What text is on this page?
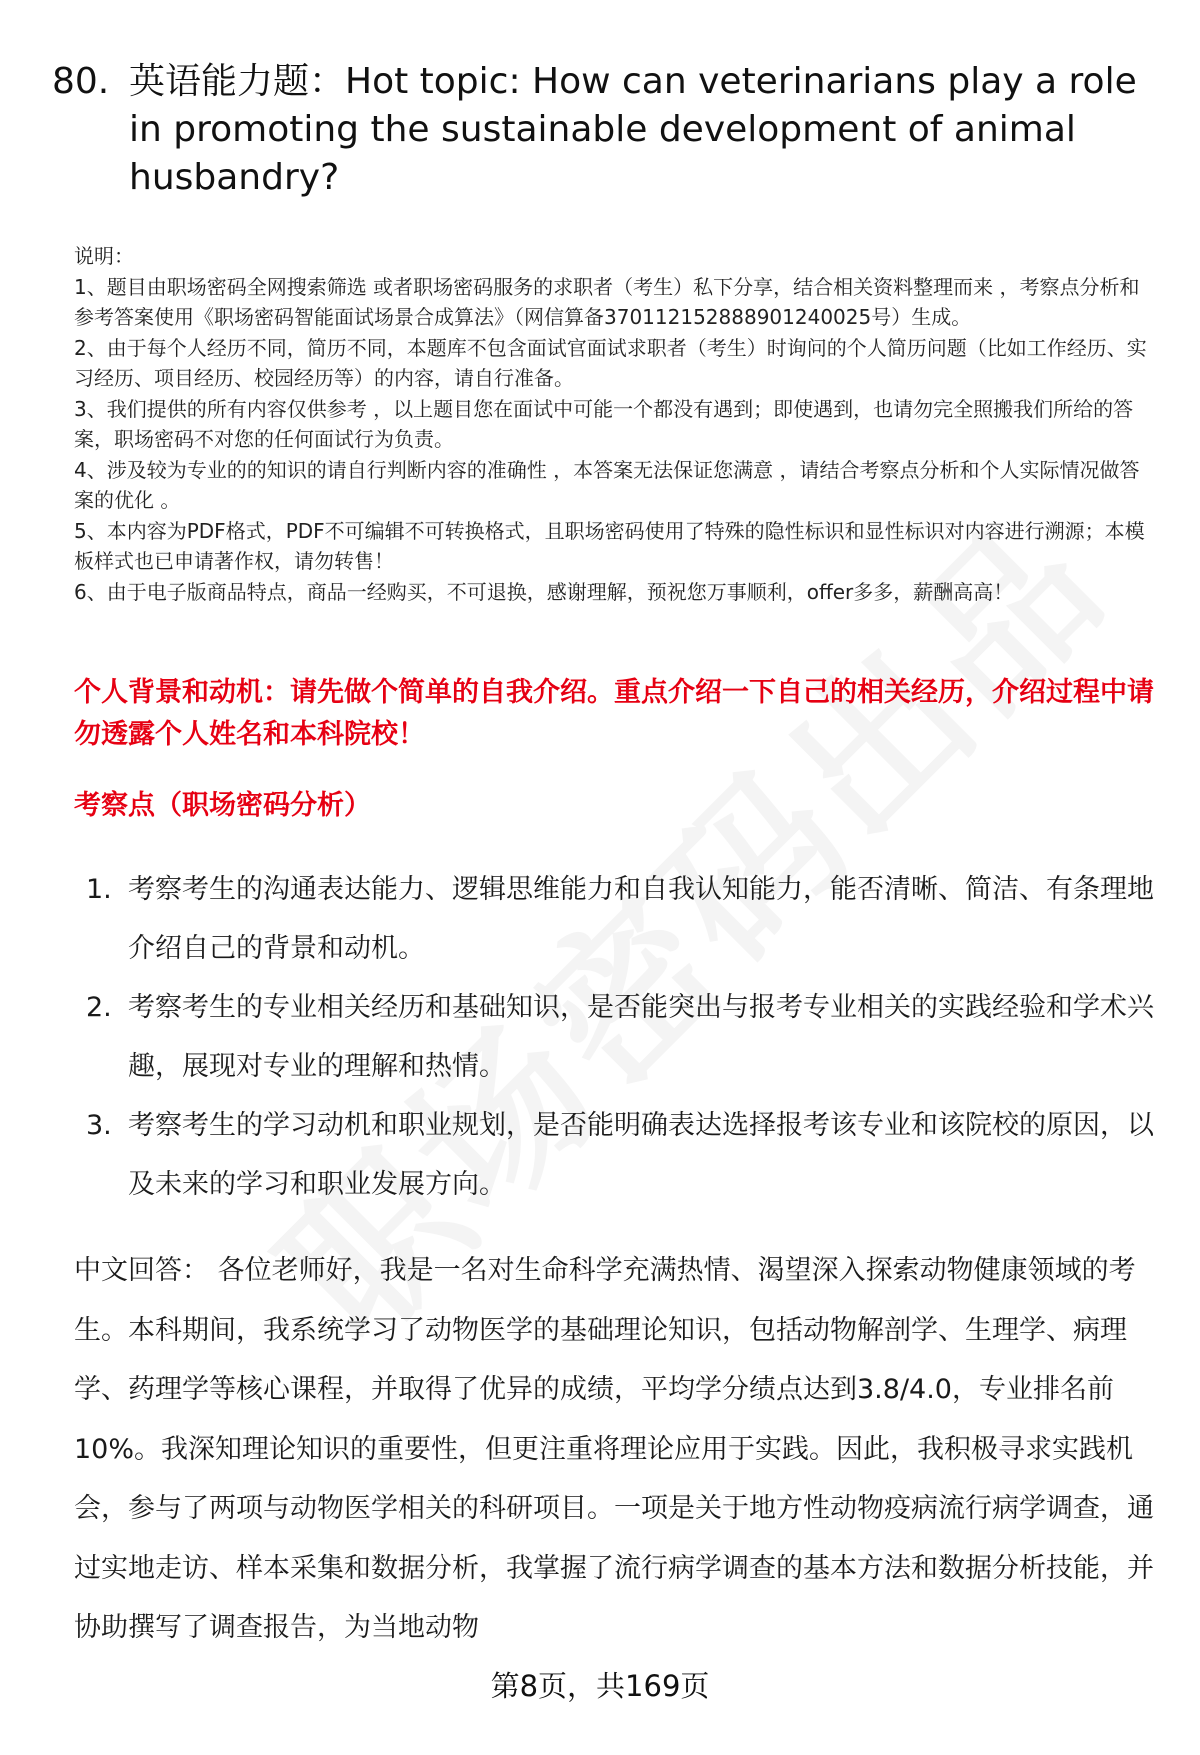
80. 英语能力题：Hot topic: How can veterinarians play a role in promoting the sustainable development of animal husbandry?

说明：

1、题目由职场密码全网搜索筛选 或者职场密码服务的求职者（考生）私下分享，结合相关资料整理而来 ，考察点分析和参考答案使用《职场密码智能面试场景合成算法》（网信算备370112152888901240025号）生成。

2、由于每个人经历不同，简历不同，本题库不包含面试官面试求职者（考生）时询问的个人简历问题（比如工作经历、实习经历、项目经历、校园经历等）的内容，请自行准备。

3、我们提供的所有内容仅供参考 ，以上题目您在面试中可能一个都没有遇到；即使遇到，也请勿完全照搬我们所给的答案，职场密码不对您的任何面试行为负责。

4、涉及较为专业的的知识的请自行判断内容的准确性 ，本答案无法保证您满意 ，请结合考察点分析和个人实际情况做答案的优化 。

5、本内容为PDF格式，PDF不可编辑不可转换格式，且职场密码使用了特殊的隐性标识和显性标识对内容进行溯源；本模板样式也已申请著作权，请勿转售！

6、由于电子版商品特点，商品一经购买，不可退换，感谢理解，预祝您万事顺利，offer多多，薪酬高高！

个人背景和动机：请先做个简单的自我介绍。重点介绍一下自己的相关经历，介绍过程中请勿透露个人姓名和本科院校！
考察点（职场密码分析）
1. 考察考生的沟通表达能力、逻辑思维能力和自我认知能力，能否清晰、简洁、有条理地介绍自己的背景和动机。
2. 考察考生的专业相关经历和基础知识，是否能突出与报考专业相关的实践经验和学术兴趣，展现对专业的理解和热情。
3. 考察考生的学习动机和职业规划，是否能明确表达选择报考该专业和该院校的原因，以及未来的学习和职业发展方向。

中文回答： 各位老师好，我是一名对生命科学充满热情、渴望深入探索动物健康领域的考生。本科期间，我系统学习了动物医学的基础理论知识，包括动物解剖学、生理学、病理学、药理学等核心课程，并取得了优异的成绩，平均学分绩点达到3.8/4.0，专业排名前10%。我深知理论知识的重要性，但更注重将理论应用于实践。因此，我积极寻求实践机会，参与了两项与动物医学相关的科研项目。一项是关于地方性动物疫病流行病学调查，通过实地走访、样本采集和数据分析，我掌握了流行病学调查的基本方法和数据分析技能，并协助撰写了调查报告，为当地动物

第8页，共169页
